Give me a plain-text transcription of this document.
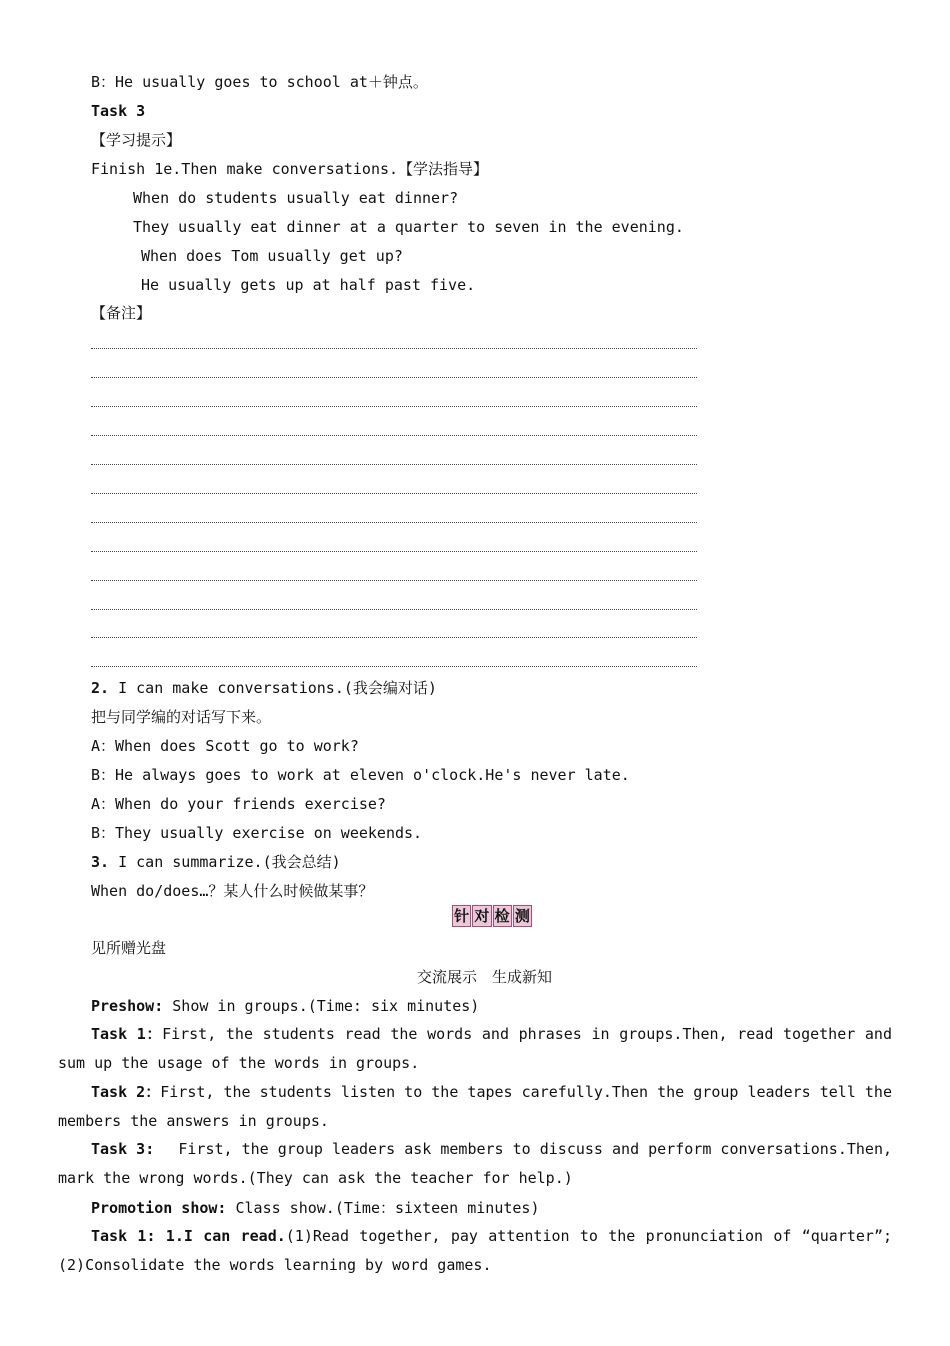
B：He usually goes to school at＋钟点。
Task 3
【学习提示】
Finish 1e.Then make conversations.【学法指导】
When do students usually eat dinner?
They usually eat dinner at a quarter to seven in the evening.
When does Tom usually get up?
He usually gets up at half past five.
【备注】
2. I can make conversations.(我会编对话)
把与同学编的对话写下来。
A：When does Scott go to work?
B：He always goes to work at eleven o'clock.He's never late.
A：When do your friends exercise?
B：They usually exercise on weekends.
3. I can summarize.(我会总结)
When do/does…？某人什么时候做某事？
针 对 检 测
见所赠光盘
交流展示　生成新知
Preshow: Show in groups.(Time: six minutes)
Task 1：First, the students read the words and phrases in groups.Then, read together and sum up the usage of the words in groups.
Task 2：First, the students listen to the tapes carefully.Then the group leaders tell the members the answers in groups.
Task 3:　 First, the group leaders ask members to discuss and perform conversations.Then, mark the wrong words.(They can ask the teacher for help.)
Promotion show: Class show.(Time：sixteen minutes)
Task 1: 1.I can read.(1)Read together, pay attention to the pronunciation of “quarter”; (2)Consolidate the words learning by word games.
